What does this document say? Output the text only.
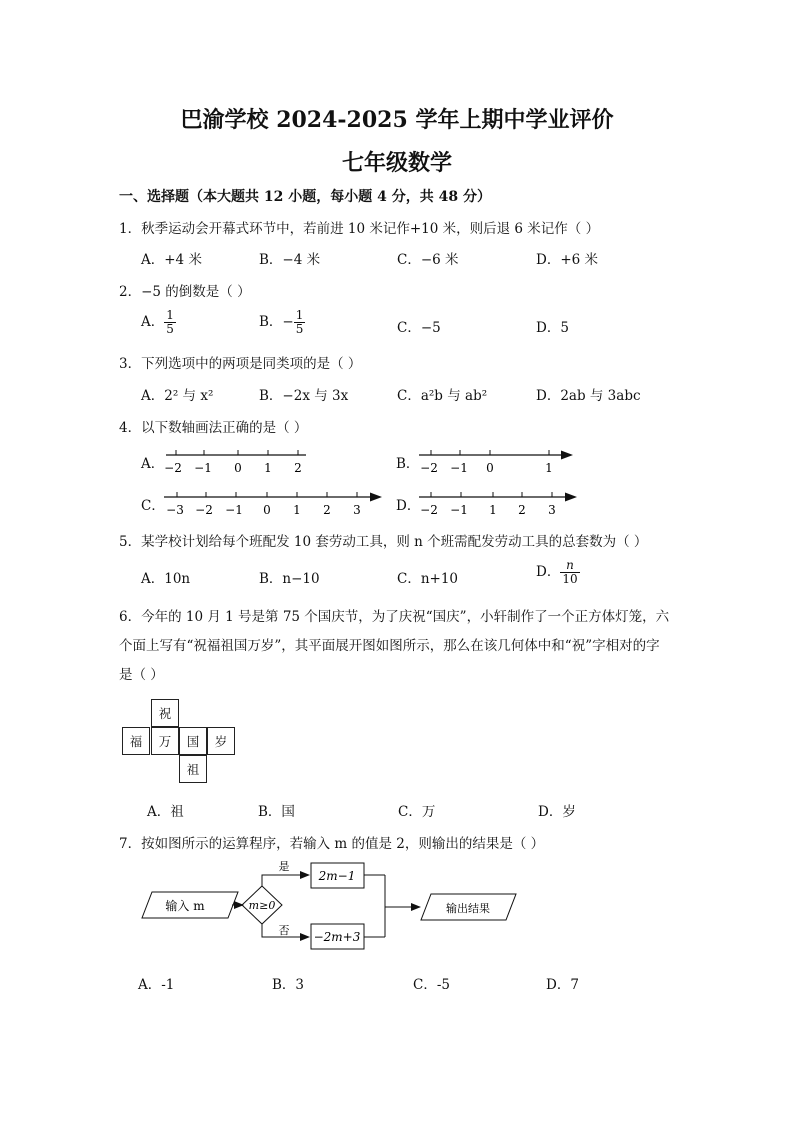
巴渝学校 2024-2025 学年上期中学业评价
七年级数学
一、选择题（本大题共 12 小题，每小题 4 分，共 48 分）
1．秋季运动会开幕式环节中，若前进 10 米记作+10 米，则后退 6 米记作（ ）
A．+4 米	B．−4 米	C．−6 米	D．+6 米
2．−5 的倒数是（ ）
A． $\frac{1}{5}$	B．− $\frac{1}{5}$	C．−5	D．5
3．下列选项中的两项是同类项的是（ ）
A．2² 与 x²	B．−2x 与 3x	C．a²b 与 ab²	D．2ab 与 3abc
4．以下数轴画法正确的是（ ）
A． −2 −1 0 1 2	B． −2 −1 0	1
C． −3 −2 −1 0 1 2 3	D． −2 −1 1 2 3
5．某学校计划给每个班配发 10 套劳动工具，则 n 个班需配发劳动工具的总套数为（ ）
A．10n	B．n−10	C．n+10	D． $\frac{n}{10}$
6．今年的 10 月 1 号是第 75 个国庆节，为了庆祝“国庆”，小轩制作了一个正方体灯笼，六
个面上写有“祝福祖国万岁”，其平面展开图如图所示，那么在该几何体中和“祝”字相对的字
是（ ）
祝
福	万	国	岁
祖
A．祖	B．国	C．万	D．岁
7．按如图所示的运算程序，若输入 m 的值是 2，则输出的结果是（ ）
输入 m	m≥0
是
否
2m−1
−2m+3
输出结果
A．-1	B．3	C．-5	D．7
